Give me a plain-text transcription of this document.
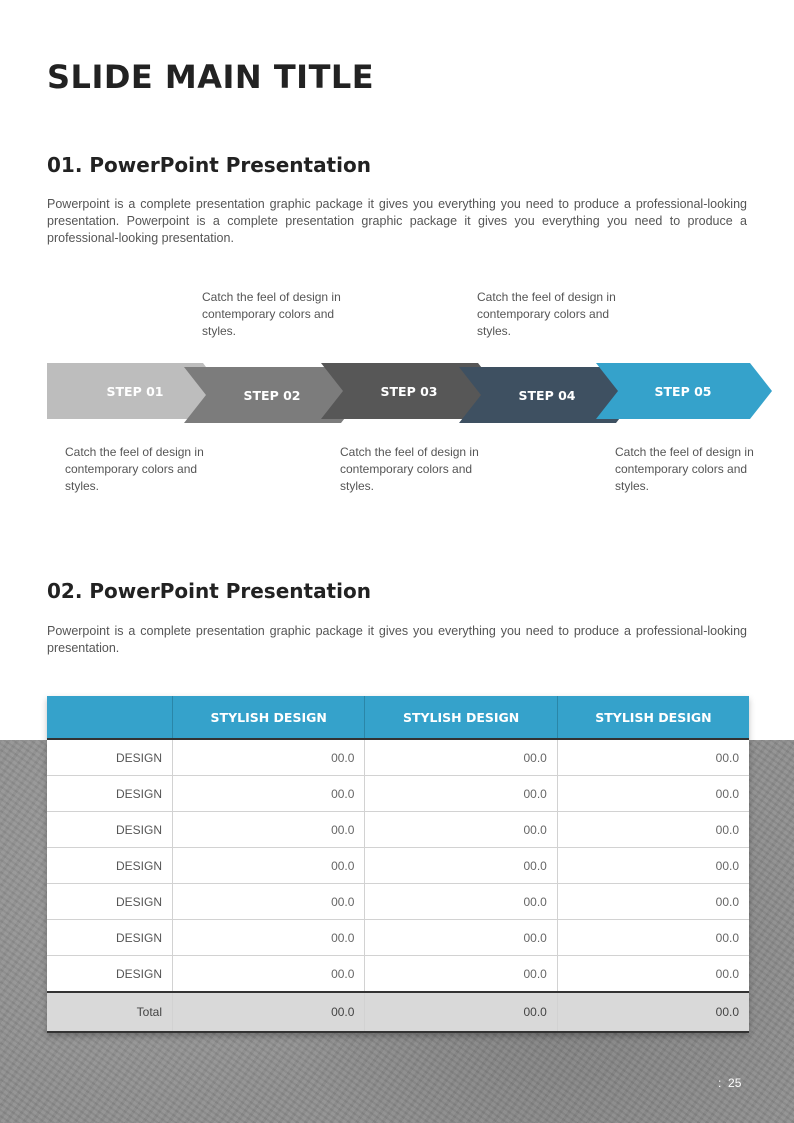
SLIDE MAIN TITLE
01. PowerPoint Presentation

Powerpoint is a complete presentation graphic package it gives you everything you need to produce a professional-looking presentation. Powerpoint is a complete presentation graphic package it gives you everything you need to produce a professional-looking presentation.

Catch the feel of design in contemporary colors and styles.

Catch the feel of design in contemporary colors and styles.

Catch the feel of design in contemporary colors and styles.

Catch the feel of design in contemporary colors and styles.

Catch the feel of design in contemporary colors and styles.

STEP 01	STEP 02	STEP 03	STEP 04	STEP 05
02. PowerPoint Presentation

Powerpoint is a complete presentation graphic package it gives you everything you need to produce a professional-looking presentation.

	STYLISH DESIGN	STYLISH DESIGN	STYLISH DESIGN
DESIGN	00.0	00.0	00.0
DESIGN	00.0	00.0	00.0
DESIGN	00.0	00.0	00.0
DESIGN	00.0	00.0	00.0
DESIGN	00.0	00.0	00.0
DESIGN	00.0	00.0	00.0
DESIGN	00.0	00.0	00.0
Total	00.0	00.0	00.0
: 25
